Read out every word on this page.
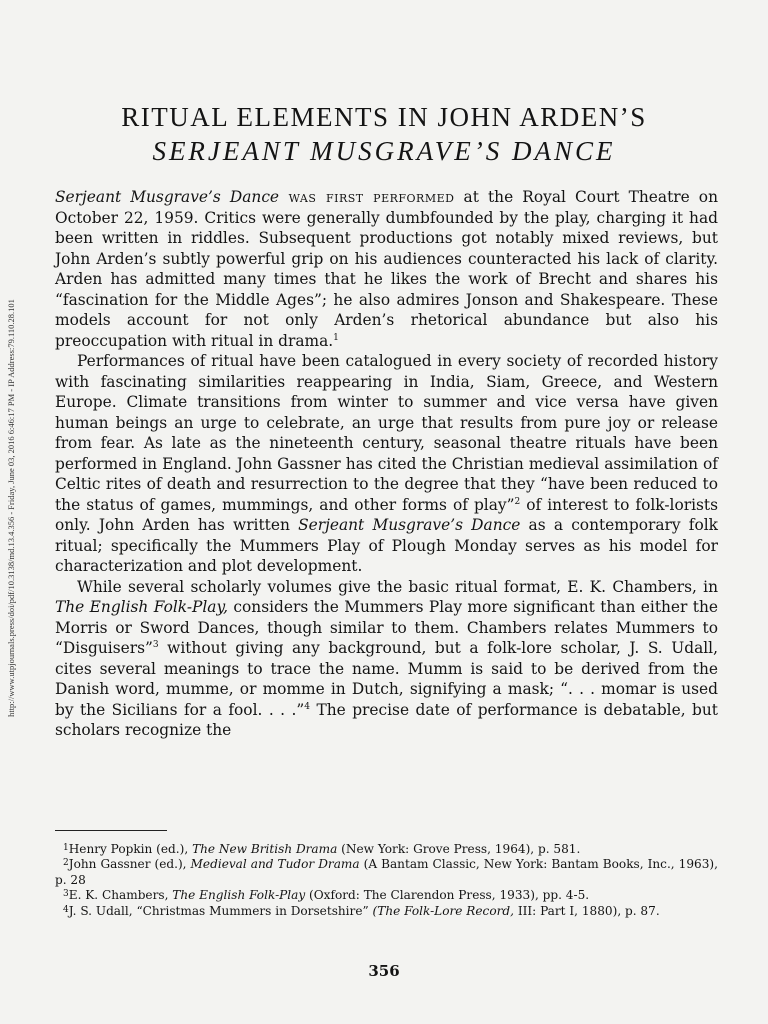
http://www.utpjournals.press/doi/pdf/10.3138/md.13.4.356 - Friday, June 03, 2016 6:46:17 PM - IP Address:79.110.28.101
RITUAL ELEMENTS IN JOHN ARDEN’S
SERJEANT MUSGRAVE’S DANCE

Serjeant Musgrave’s Dance was first performed at the Royal Court Theatre on October 22, 1959. Critics were generally dumbfounded by the play, charging it had been written in riddles. Subsequent productions got notably mixed reviews, but John Arden’s subtly powerful grip on his audiences counteracted his lack of clarity. Arden has admitted many times that he likes the work of Brecht and shares his “fascination for the Middle Ages”; he also admires Jonson and Shakespeare. These models account for not only Arden’s rhetorical abundance but also his preoccupation with ritual in drama.$^1$

Performances of ritual have been catalogued in every society of recorded history with fascinating similarities reappearing in India, Siam, Greece, and Western Europe. Climate transitions from winter to summer and vice versa have given human beings an urge to celebrate, an urge that results from pure joy or release from fear. As late as the nineteenth century, seasonal theatre rituals have been performed in England. John Gassner has cited the Christian medieval assimilation of Celtic rites of death and resurrection to the degree that they “have been reduced to the status of games, mummings, and other forms of play”$^2$ of interest to folk-lorists only. John Arden has written Serjeant Musgrave’s Dance as a contemporary folk ritual; specifically the Mummers Play of Plough Monday serves as his model for characterization and plot development.

While several scholarly volumes give the basic ritual format, E. K. Chambers, in The English Folk-Play, considers the Mummers Play more significant than either the Morris or Sword Dances, though similar to them. Chambers relates Mummers to “Disguisers”$^3$ without giving any background, but a folk-lore scholar, J. S. Udall, cites several meanings to trace the name. Mumm is said to be derived from the Danish word, mumme, or momme in Dutch, signifying a mask; “. . . momar is used by the Sicilians for a fool. . . .”$^4$ The precise date of performance is debatable, but scholars recognize the

$^1$Henry Popkin (ed.), The New British Drama (New York: Grove Press, 1964), p. 581.

$^2$John Gassner (ed.), Medieval and Tudor Drama (A Bantam Classic, New York: Bantam Books, Inc., 1963), p. 28

$^3$E. K. Chambers, The English Folk-Play (Oxford: The Clarendon Press, 1933), pp. 4-5.

$^4$J. S. Udall, “Christmas Mummers in Dorsetshire” (The Folk-Lore Record, III: Part I, 1880), p. 87.

356
